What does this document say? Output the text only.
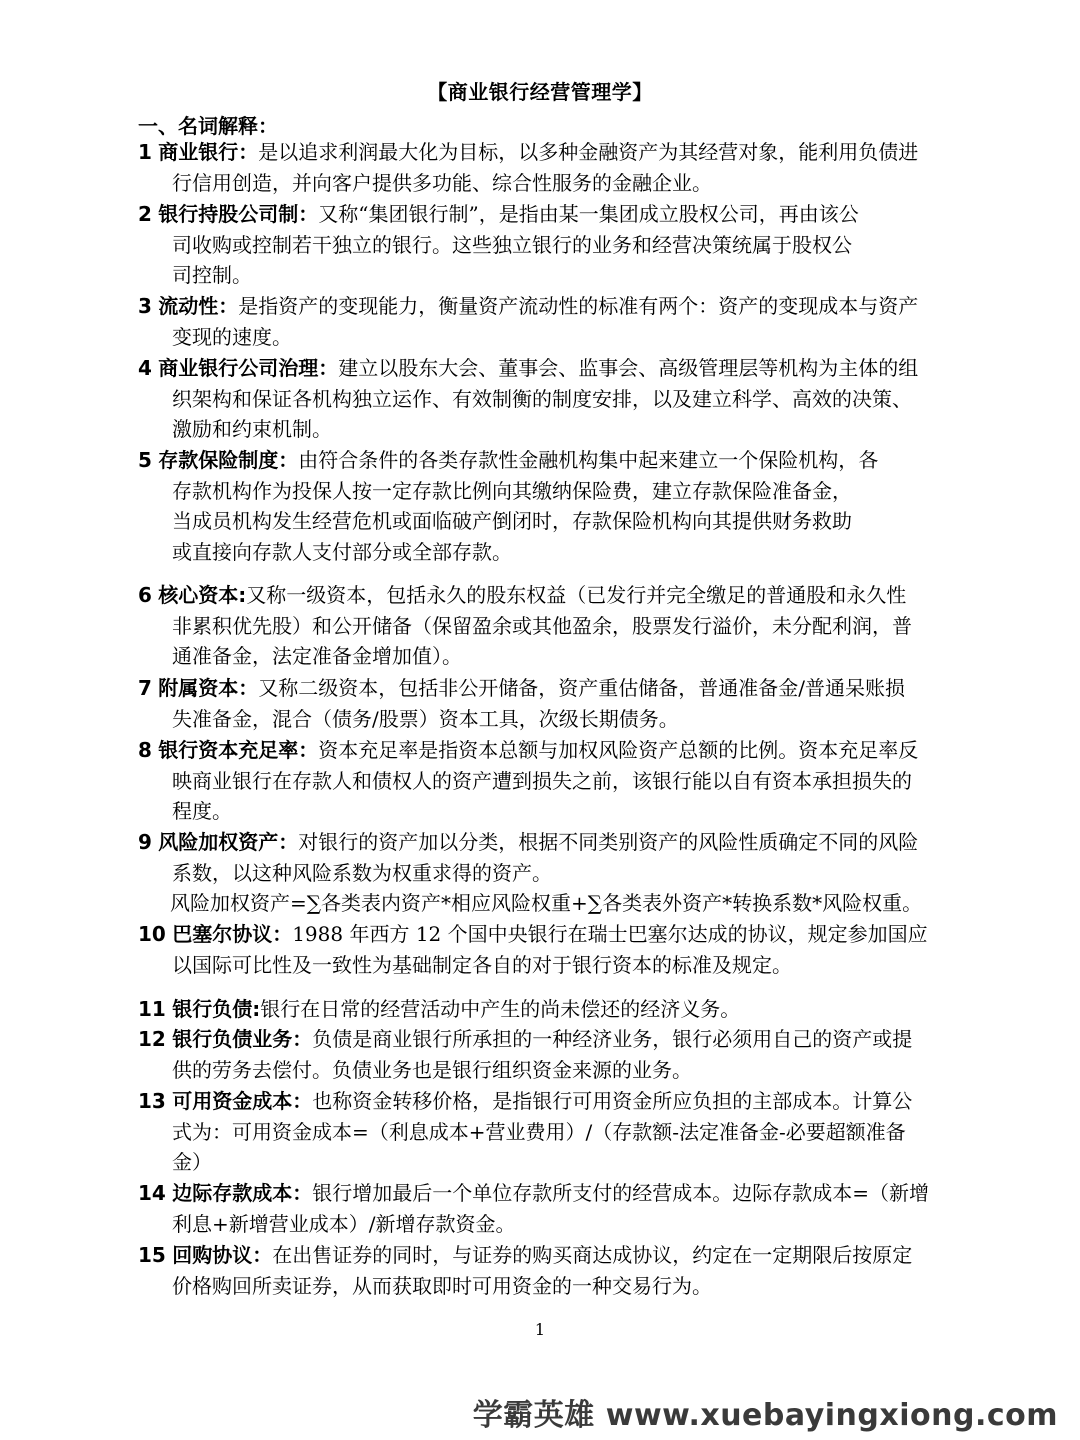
【商业银行经营管理学】
一、名词解释：
1 商业银行：是以追求利润最大化为目标，以多种金融资产为其经营对象，能利用负债进
行信用创造，并向客户提供多功能、综合性服务的金融企业。
2 银行持股公司制：又称“集团银行制”，是指由某一集团成立股权公司，再由该公
司收购或控制若干独立的银行。这些独立银行的业务和经营决策统属于股权公
司控制。
3 流动性：是指资产的变现能力，衡量资产流动性的标准有两个：资产的变现成本与资产
变现的速度。
4 商业银行公司治理：建立以股东大会、董事会、监事会、高级管理层等机构为主体的组
织架构和保证各机构独立运作、有效制衡的制度安排，以及建立科学、高效的决策、
激励和约束机制。
5 存款保险制度：由符合条件的各类存款性金融机构集中起来建立一个保险机构，各
存款机构作为投保人按一定存款比例向其缴纳保险费，建立存款保险准备金，
当成员机构发生经营危机或面临破产倒闭时，存款保险机构向其提供财务救助
或直接向存款人支付部分或全部存款。
6 核心资本:又称一级资本，包括永久的股东权益（已发行并完全缴足的普通股和永久性
非累积优先股）和公开储备（保留盈余或其他盈余，股票发行溢价，未分配利润，普
通准备金，法定准备金增加值）。
7 附属资本：又称二级资本，包括非公开储备，资产重估储备，普通准备金/普通呆账损
失准备金，混合（债务/股票）资本工具，次级长期债务。
8 银行资本充足率：资本充足率是指资本总额与加权风险资产总额的比例。资本充足率反
映商业银行在存款人和债权人的资产遭到损失之前，该银行能以自有资本承担损失的
程度。
9 风险加权资产：对银行的资产加以分类，根据不同类别资产的风险性质确定不同的风险
系数，以这种风险系数为权重求得的资产。
10 巴塞尔协议：1988 年西方 12 个国中央银行在瑞士巴塞尔达成的协议，规定参加国应
以国际可比性及一致性为基础制定各自的对于银行资本的标准及规定。
11 银行负债:银行在日常的经营活动中产生的尚未偿还的经济义务。
12 银行负债业务：负债是商业银行所承担的一种经济业务，银行必须用自己的资产或提
供的劳务去偿付。负债业务也是银行组织资金来源的业务。
13 可用资金成本：也称资金转移价格，是指银行可用资金所应负担的主部成本。计算公
式为：可用资金成本=（利息成本+营业费用）/（存款额-法定准备金-必要超额准备
金）
14 边际存款成本：银行增加最后一个单位存款所支付的经营成本。边际存款成本=（新增
利息+新增营业成本）/新增存款资金。
15 回购协议：在出售证券的同时，与证券的购买商达成协议，约定在一定期限后按原定
价格购回所卖证券，从而获取即时可用资金的一种交易行为。
风险加权资产=∑各类表内资产*相应风险权重+∑各类表外资产*转换系数*风险权重。
1
学霸英雄 www.xuebayingxiong.com
